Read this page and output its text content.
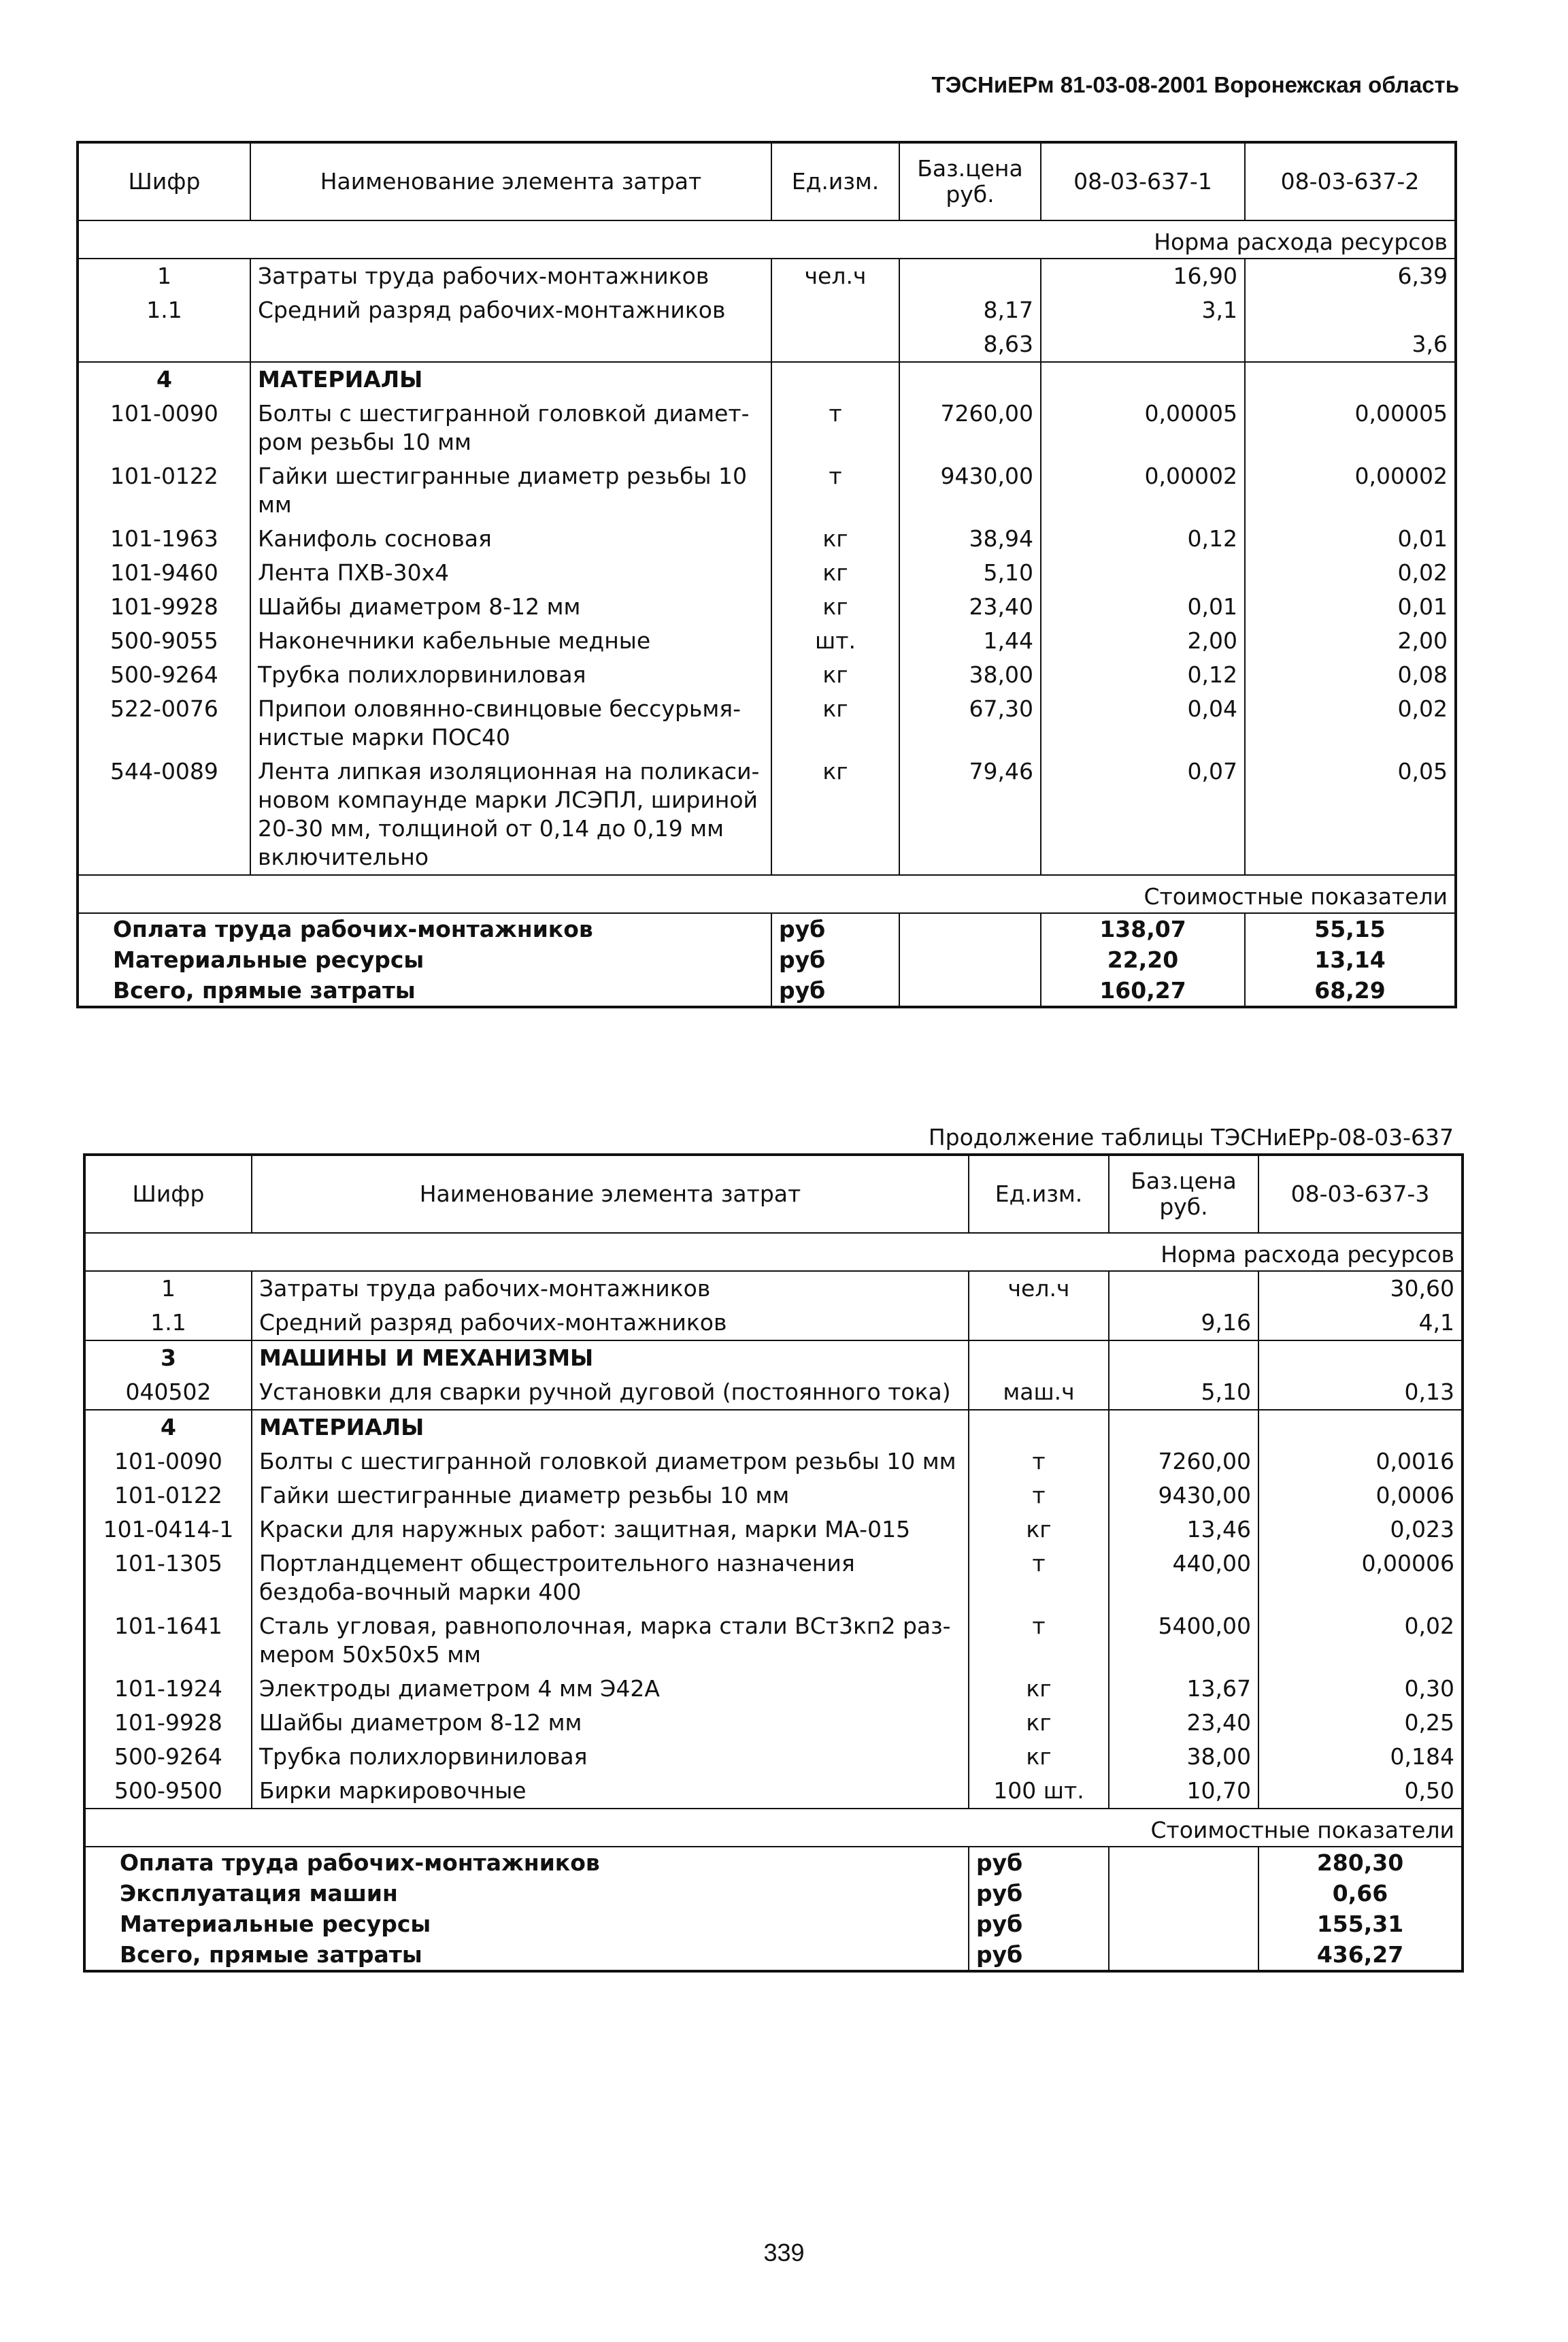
ТЭСНиЕРм 81-03-08-2001 Воронежская область
Шифр	Наименование элемента затрат	Ед.изм.	Баз.цена руб.	08-03-637-1	08-03-637-2
Норма расхода ресурсов					
1	Затраты труда рабочих-монтажников	чел.ч		16,90	6,39
1.1	Средний разряд рабочих-монтажников		8,17	3,1	
			8,63		3,6
4	МАТЕРИАЛЫ				
101-0090	Болты с шестигранной головкой диамет-ром резьбы 10 мм	т	7260,00	0,00005	0,00005
101-0122	Гайки шестигранные диаметр резьбы 10 мм	т	9430,00	0,00002	0,00002
101-1963	Канифоль сосновая	кг	38,94	0,12	0,01
101-9460	Лента ПХВ-30х4	кг	5,10		0,02
101-9928	Шайбы диаметром 8-12 мм	кг	23,40	0,01	0,01
500-9055	Наконечники кабельные медные	шт.	1,44	2,00	2,00
500-9264	Трубка полихлорвиниловая	кг	38,00	0,12	0,08
522-0076	Припои оловянно-свинцовые бессурьмя-нистые марки ПОС40	кг	67,30	0,04	0,02
544-0089	Лента липкая изоляционная на поликаси-новом компаунде марки ЛСЭПЛ, шириной 20-30 мм, толщиной от 0,14 до 0,19 мм включительно	кг	79,46	0,07	0,05
Стоимостные показатели					
Оплата труда рабочих-монтажников		руб		138,07	55,15
Материальные ресурсы		руб		22,20	13,14
Всего, прямые затраты		руб		160,27	68,29
Продолжение таблицы ТЭСНиЕРр-08-03-637
Шифр	Наименование элемента затрат	Ед.изм.	Баз.цена руб.	08-03-637-3
Норма расхода ресурсов				
1	Затраты труда рабочих-монтажников	чел.ч		30,60
1.1	Средний разряд рабочих-монтажников		9,16	4,1
3	МАШИНЫ И МЕХАНИЗМЫ			
040502	Установки для сварки ручной дуговой (постоянного тока)	маш.ч	5,10	0,13
4	МАТЕРИАЛЫ			
101-0090	Болты с шестигранной головкой диаметром резьбы 10 мм	т	7260,00	0,0016
101-0122	Гайки шестигранные диаметр резьбы 10 мм	т	9430,00	0,0006
101-0414-1	Краски для наружных работ: защитная, марки МА-015	кг	13,46	0,023
101-1305	Портландцемент общестроительного назначения бездоба-вочный марки 400	т	440,00	0,00006
101-1641	Сталь угловая, равнополочная, марка стали ВСт3кп2 раз-мером 50х50х5 мм	т	5400,00	0,02
101-1924	Электроды диаметром 4 мм Э42А	кг	13,67	0,30
101-9928	Шайбы диаметром 8-12 мм	кг	23,40	0,25
500-9264	Трубка полихлорвиниловая	кг	38,00	0,184
500-9500	Бирки маркировочные	100 шт.	10,70	0,50
Стоимостные показатели				
Оплата труда рабочих-монтажников		руб		280,30
Эксплуатация машин		руб		0,66
Материальные ресурсы		руб		155,31
Всего, прямые затраты		руб		436,27
339
